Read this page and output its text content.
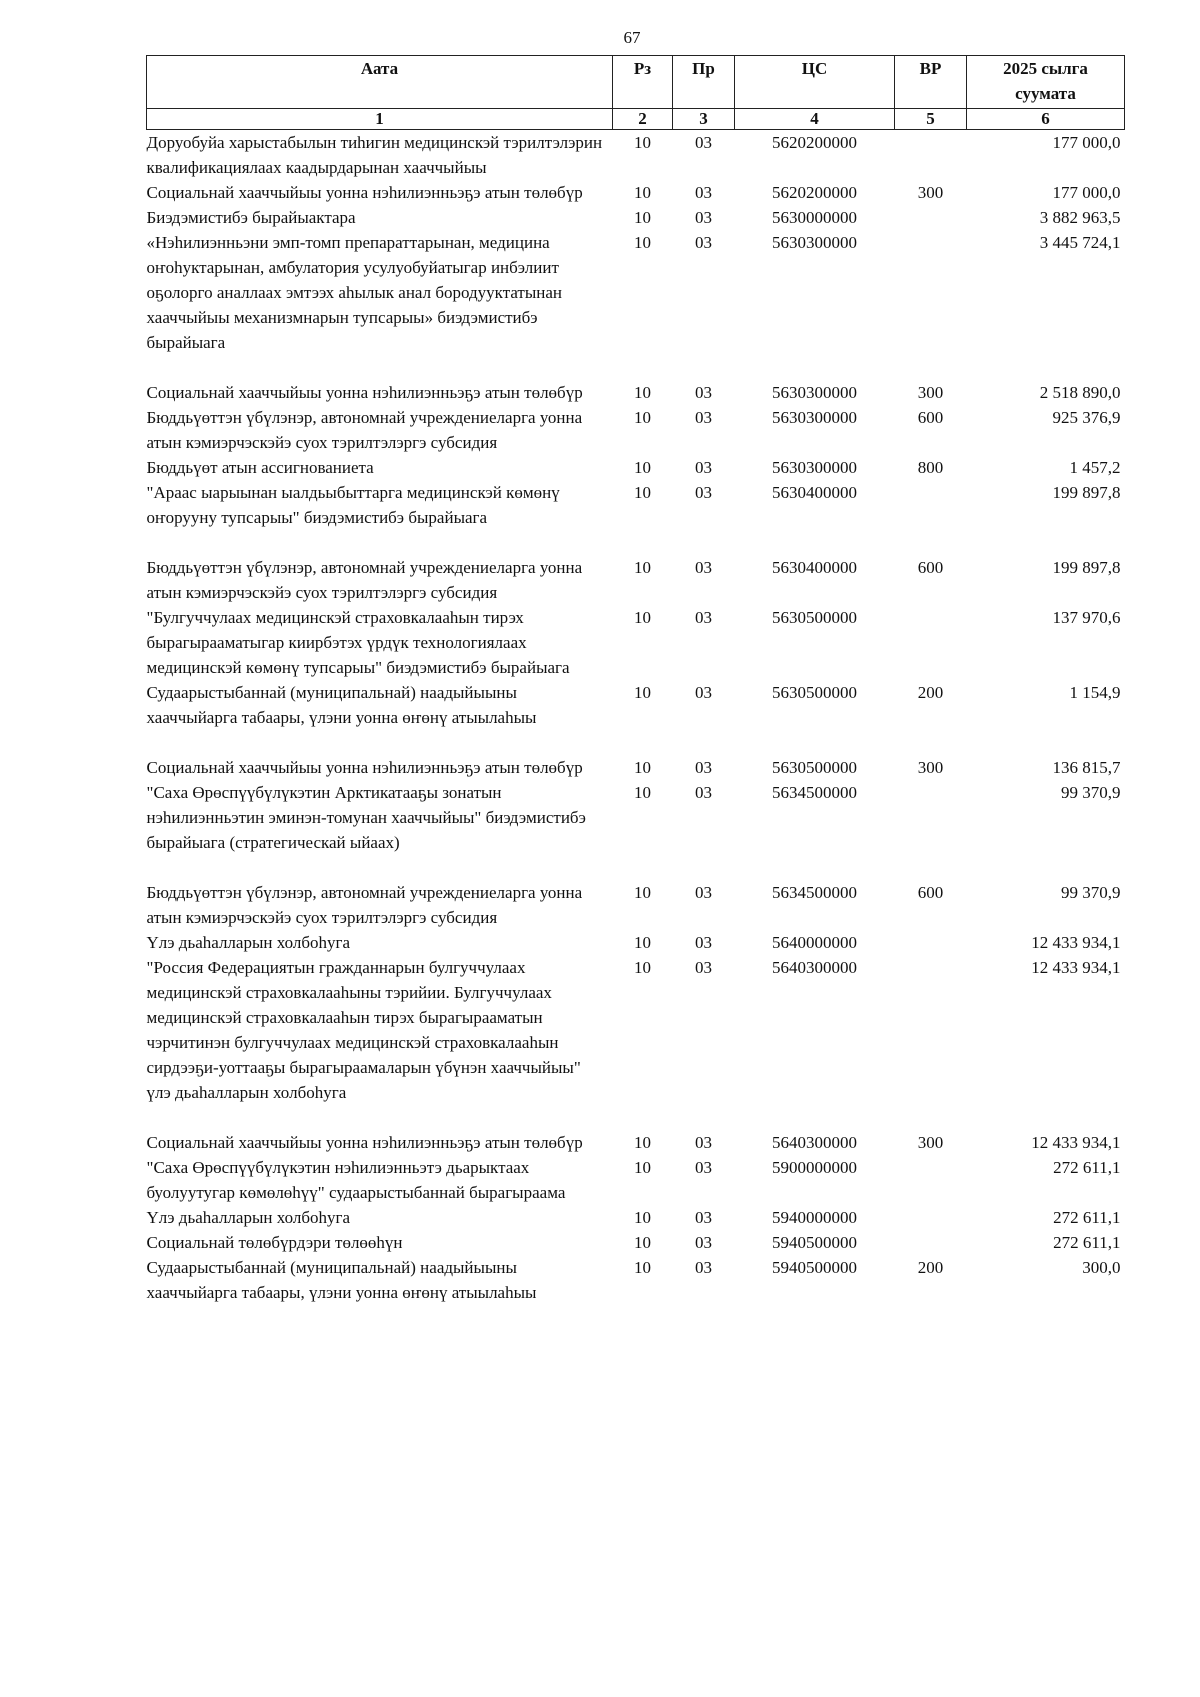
67
Аата	Рз	Пр	ЦС	ВР	2025 сылга суумата
1	2	3	4	5	6
Доруобуйа харыстабылын тиһигин медицинскэй тэрилтэлэрин квалификациялаах каадырдарынан хааччыйыы	10	03	5620200000		177 000,0
Социальнай хааччыйыы уонна нэһилиэнньэҕэ атын төлөбүр	10	03	5620200000	300	177 000,0
Биэдэмистибэ бырайыактара	10	03	5630000000		3 882 963,5
«Нэһилиэнньэни эмп-томп препараттарынан, медицина оҥоһуктарынан, амбулатория усулуобуйатыгар инбэлиит оҕолорго аналлаах эмтээх аһылык анал бородууктатынан хааччыйыы механизмнарын тупсарыы» биэдэмистибэ бырайыага	10	03	5630300000		3 445 724,1
Социальнай хааччыйыы уонна нэһилиэнньэҕэ атын төлөбүр	10	03	5630300000	300	2 518 890,0
Бюддьүөттэн үбүлэнэр, автономнай учреждениеларга уонна атын кэмиэрчэскэйэ суох тэрилтэлэргэ субсидия	10	03	5630300000	600	925 376,9
Бюддьүөт атын ассигнованиета	10	03	5630300000	800	1 457,2
"Араас ыарыынан ыалдьыбыттарга медицинскэй көмөнү оҥорууну тупсарыы" биэдэмистибэ бырайыага	10	03	5630400000		199 897,8
Бюддьүөттэн үбүлэнэр, автономнай учреждениеларга уонна атын кэмиэрчэскэйэ суох тэрилтэлэргэ субсидия	10	03	5630400000	600	199 897,8
"Булгуччулаах медицинскэй страховкалааһын тирэх бырагырааматыгар киирбэтэх үрдүк технологиялаах медицинскэй көмөнү тупсарыы" биэдэмистибэ бырайыага	10	03	5630500000		137 970,6
Судаарыстыбаннай (муниципальнай) наадыйыыны хааччыйарга табаары, үлэни уонна өҥөнү атыылаһыы	10	03	5630500000	200	1 154,9
Социальнай хааччыйыы уонна нэһилиэнньэҕэ атын төлөбүр	10	03	5630500000	300	136 815,7
"Саха Өрөспүүбүлүкэтин Арктикатааҕы зонатын нэһилиэнньэтин эминэн-томунан хааччыйыы" биэдэмистибэ бырайыага (стратегическай ыйаах)	10	03	5634500000		99 370,9
Бюддьүөттэн үбүлэнэр, автономнай учреждениеларга уонна атын кэмиэрчэскэйэ суох тэрилтэлэргэ субсидия	10	03	5634500000	600	99 370,9
Үлэ дьаһалларын холбоһуга	10	03	5640000000		12 433 934,1
"Россия Федерациятын гражданнарын булгуччулаах медицинскэй страховкалааһыны тэрийии. Булгуччулаах медицинскэй страховкалааһын тирэх бырагырааматын чэрчитинэн булгуччулаах медицинскэй страховкалааһын сирдээҕи-уоттааҕы бырагыраамаларын үбүнэн хааччыйыы" үлэ дьаһалларын холбоһуга	10	03	5640300000		12 433 934,1
Социальнай хааччыйыы уонна нэһилиэнньэҕэ атын төлөбүр	10	03	5640300000	300	12 433 934,1
"Саха Өрөспүүбүлүкэтин нэһилиэнньэтэ дьарыктаах буолуутугар көмөлөһүү" судаарыстыбаннай бырагыраама	10	03	5900000000		272 611,1
Үлэ дьаһалларын холбоһуга	10	03	5940000000		272 611,1
Социальнай төлөбүрдэри төлөөһүн	10	03	5940500000		272 611,1
Судаарыстыбаннай (муниципальнай) наадыйыыны хааччыйарга табаары, үлэни уонна өҥөнү атыылаһыы	10	03	5940500000	200	300,0
